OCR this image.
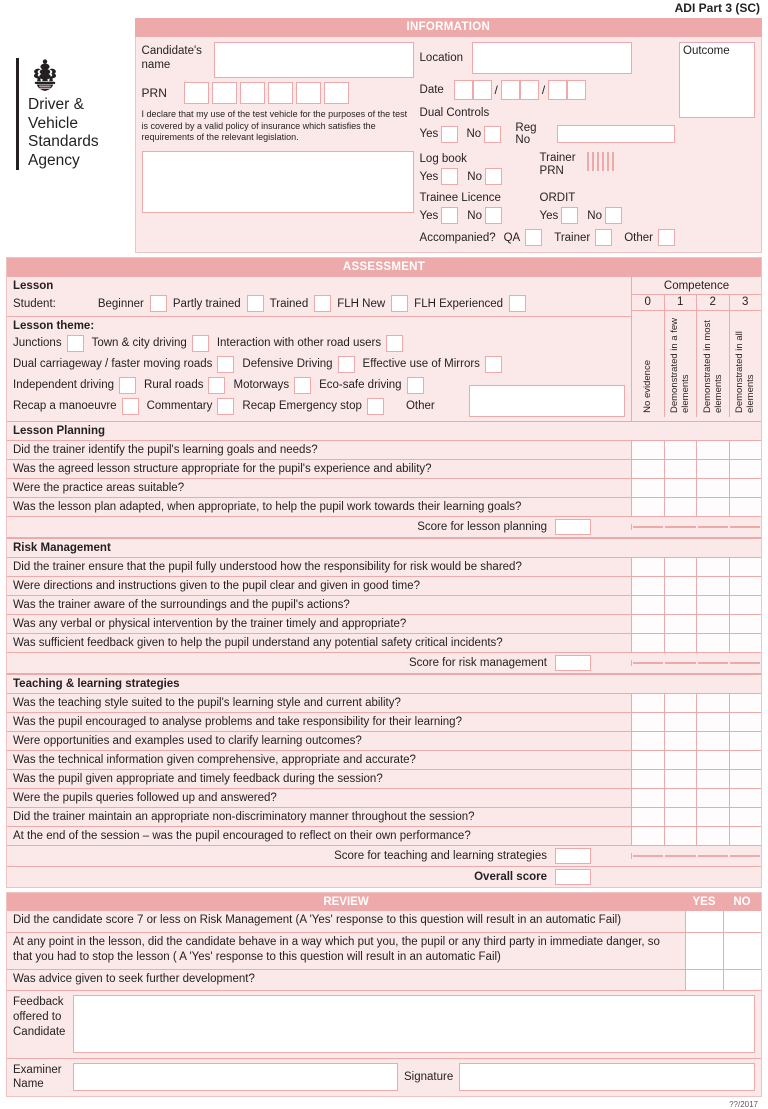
ADI Part 3 (SC)
Driver & Vehicle
Standards
Agency
INFORMATION
Candidate's name
PRN
I declare that my use of the test vehicle for the purposes of the test is covered by a valid policy of insurance which satisfies the requirements of the relevant legislation.
Location
Date	/	/
Dual Controls
Yes No	Reg No
Log book
Yes	No
Trainer PRN
Trainee Licence
Yes	No
ORDIT
Yes	No
Accompanied? QA	Trainer	Other
Outcome
ASSESSMENT
Lesson
Student:	Beginner	Partly trained	Trained	FLH New	FLH Experienced
Lesson theme:
Junctions	Town & city driving	Interaction with other road users
Dual carriageway / faster moving roads	Defensive Driving	Effective use of Mirrors
Independent driving	Rural roads	Motorways	Eco-safe driving
Recap a manoeuvre	Commentary	Recap Emergency stop	Other
Competence
0	1	2	3
No evidence Demonstrated in a few elements Demonstrated in most elements Demonstrated in all elements
Lesson Planning
Did the trainer identify the pupil's learning goals and needs?
Was the agreed lesson structure appropriate for the pupil's experience and ability?
Were the practice areas suitable?
Was the lesson plan adapted, when appropriate, to help the pupil work towards their learning goals?
Score for lesson planning
Risk Management
Did the trainer ensure that the pupil fully understood how the responsibility for risk would be shared?
Were directions and instructions given to the pupil clear and given in good time?
Was the trainer aware of the surroundings and the pupil's actions?
Was any verbal or physical intervention by the trainer timely and appropriate?
Was sufficient feedback given to help the pupil understand any potential safety critical incidents?
Score for risk management
Teaching & learning strategies
Was the teaching style suited to the pupil's learning style and current ability?
Was the pupil encouraged to analyse problems and take responsibility for their learning?
Were opportunities and examples used to clarify learning outcomes?
Was the technical information given comprehensive, appropriate and accurate?
Was the pupil given appropriate and timely feedback during the session?
Were the pupils queries followed up and answered?
Did the trainer maintain an appropriate non-discriminatory manner throughout the session?
At the end of the session – was the pupil encouraged to reflect on their own performance?
Score for teaching and learning strategies
Overall score
REVIEW	YES	NO
Did the candidate score 7 or less on Risk Management (A 'Yes' response to this question will result in an automatic Fail)
At any point in the lesson, did the candidate behave in a way which put you, the pupil or any third party in immediate danger, so that you had to stop the lesson ( A 'Yes' response to this question will result in an automatic Fail)
Was advice given to seek further development?
Feedback offered to Candidate
Examiner Name
Signature
??/2017
